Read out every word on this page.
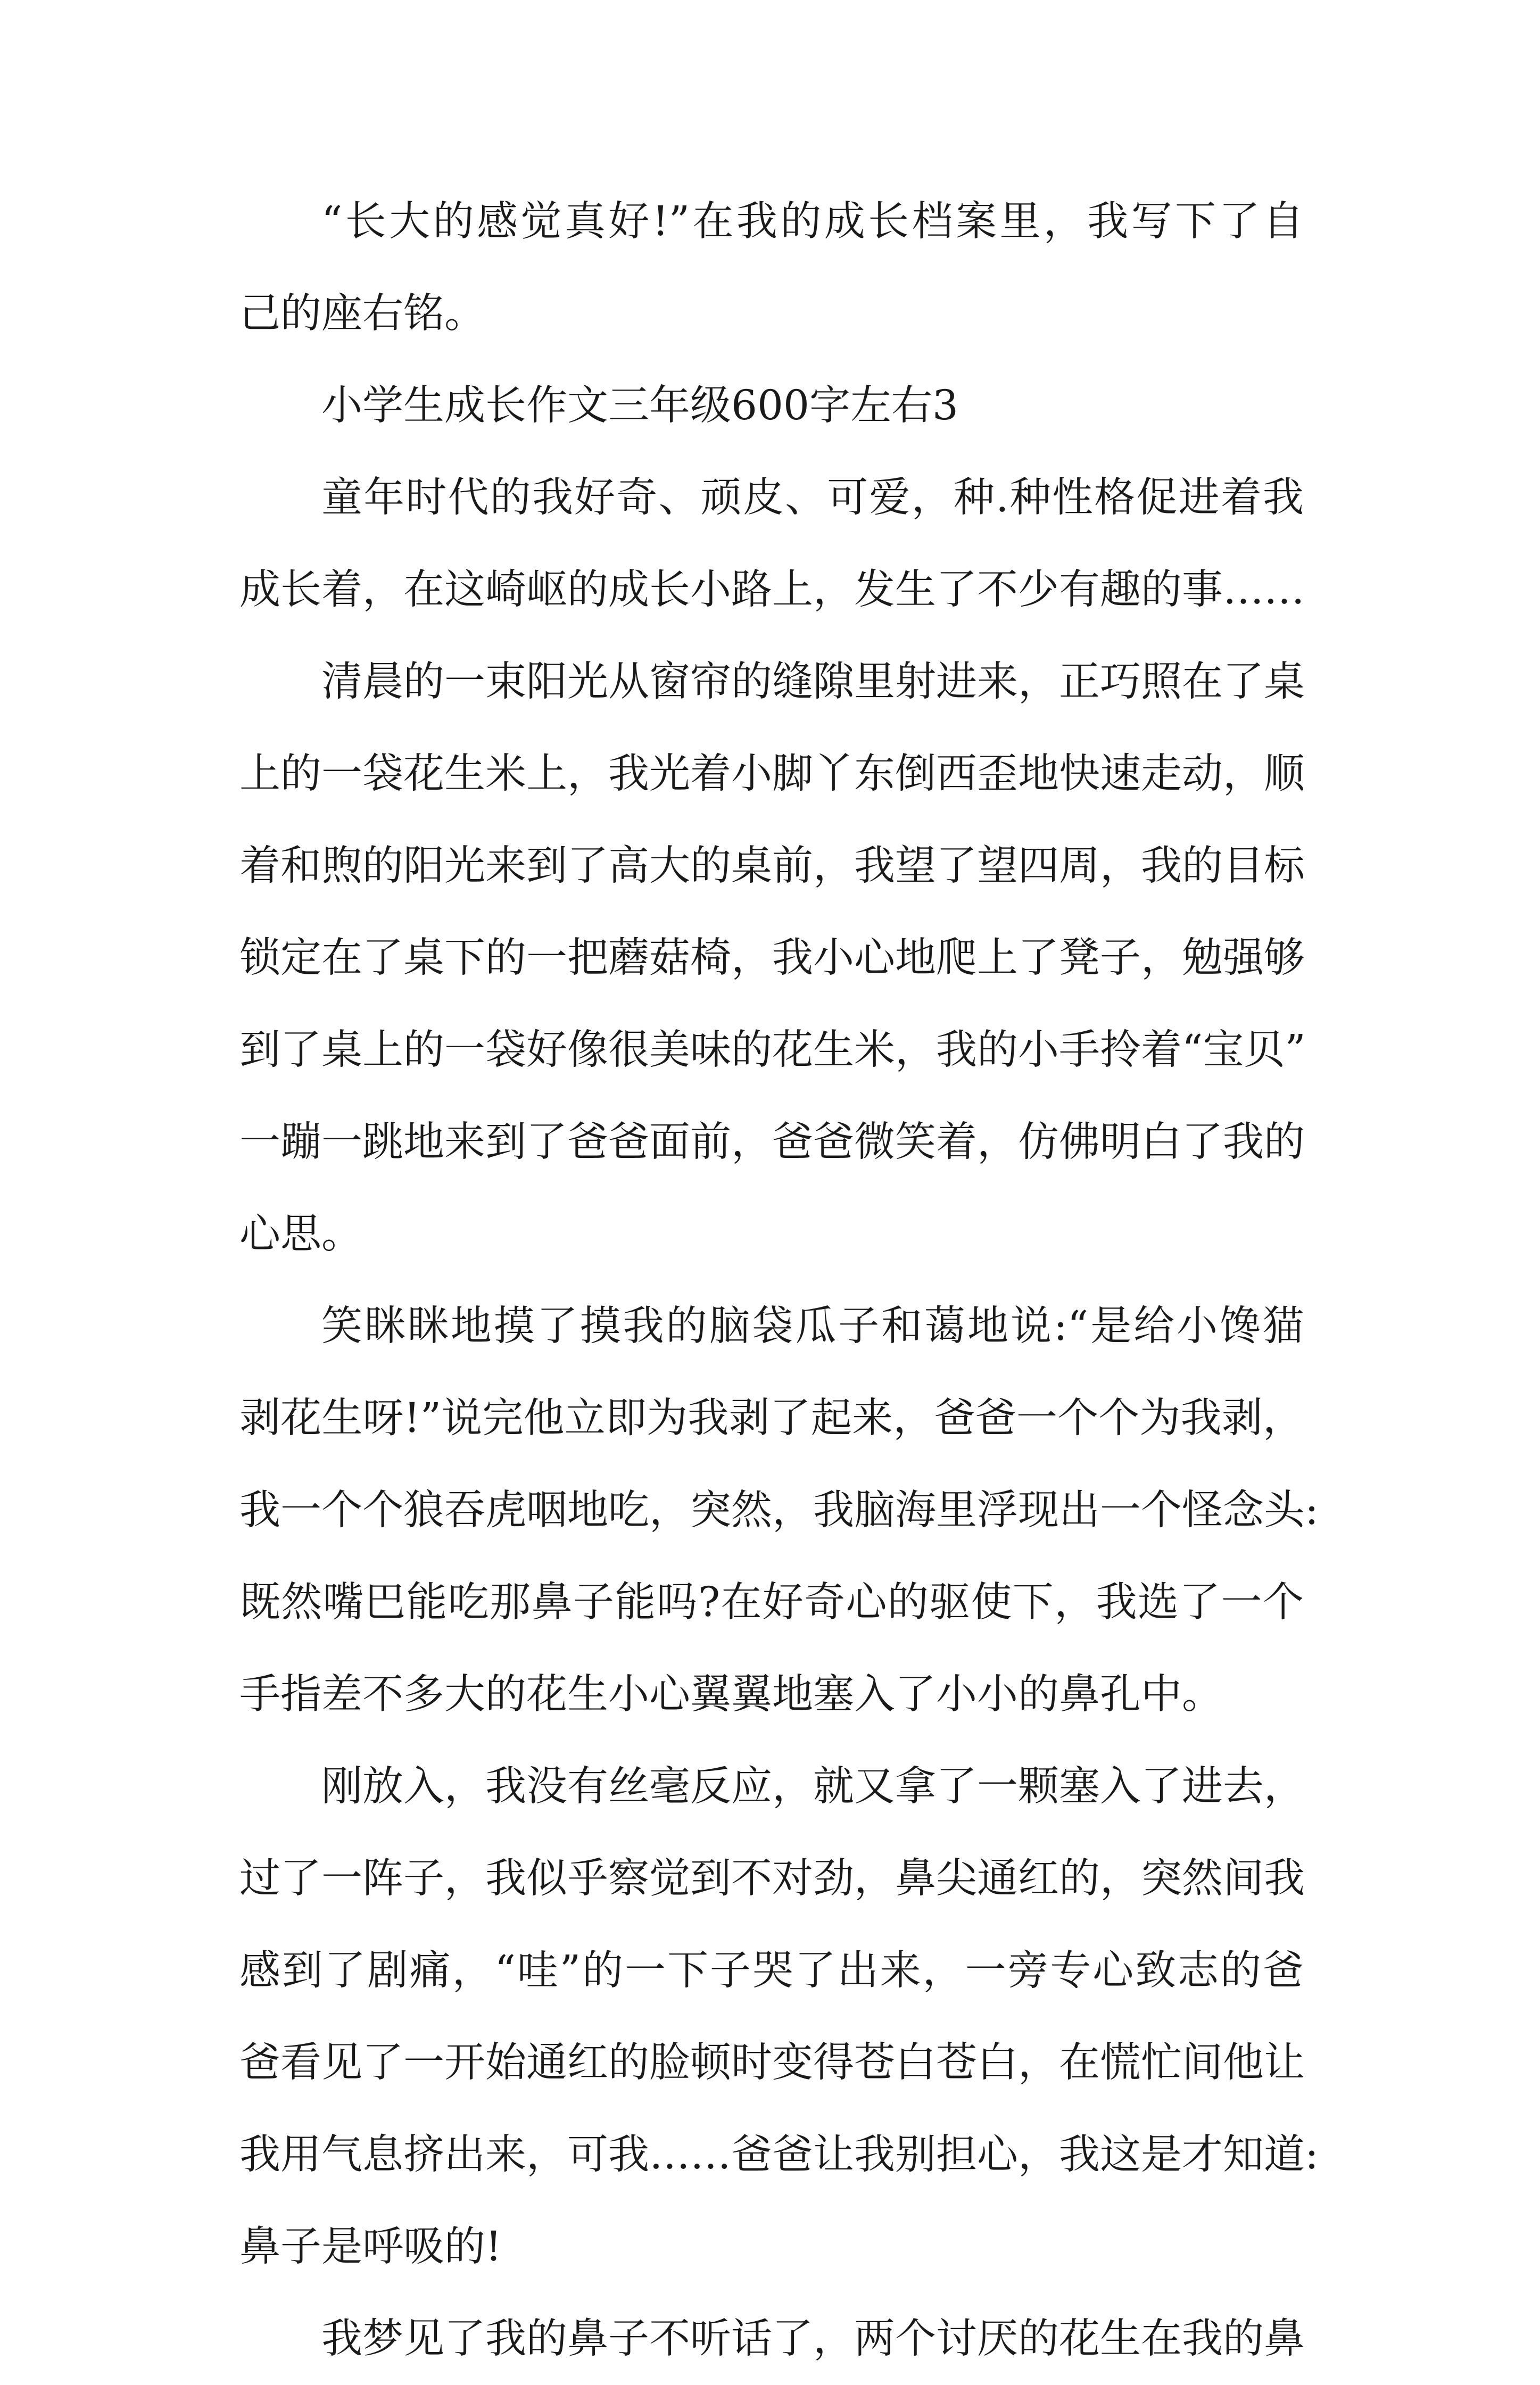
“长大的感觉真好!”在我的成长档案里，我写下了自
己的座右铭。
小学生成长作文三年级600字左右3
童年时代的我好奇、顽皮、可爱，种.种性格促进着我
成长着，在这崎岖的成长小路上，发生了不少有趣的事……
清晨的一束阳光从窗帘的缝隙里射进来，正巧照在了桌
上的一袋花生米上，我光着小脚丫东倒西歪地快速走动，顺
着和煦的阳光来到了高大的桌前，我望了望四周，我的目标
锁定在了桌下的一把蘑菇椅，我小心地爬上了凳子，勉强够
到了桌上的一袋好像很美味的花生米，我的小手拎着“宝贝”
一蹦一跳地来到了爸爸面前，爸爸微笑着，仿佛明白了我的
心思。
笑眯眯地摸了摸我的脑袋瓜子和蔼地说:“是给小馋猫
剥花生呀!”说完他立即为我剥了起来，爸爸一个个为我剥，
我一个个狼吞虎咽地吃，突然，我脑海里浮现出一个怪念头:
既然嘴巴能吃那鼻子能吗?在好奇心的驱使下，我选了一个
手指差不多大的花生小心翼翼地塞入了小小的鼻孔中。
刚放入，我没有丝毫反应，就又拿了一颗塞入了进去，
过了一阵子，我似乎察觉到不对劲，鼻尖通红的，突然间我
感到了剧痛，“哇”的一下子哭了出来，一旁专心致志的爸
爸看见了一开始通红的脸顿时变得苍白苍白，在慌忙间他让
我用气息挤出来，可我……爸爸让我别担心，我这是才知道:
鼻子是呼吸的!
我梦见了我的鼻子不听话了，两个讨厌的花生在我的鼻
